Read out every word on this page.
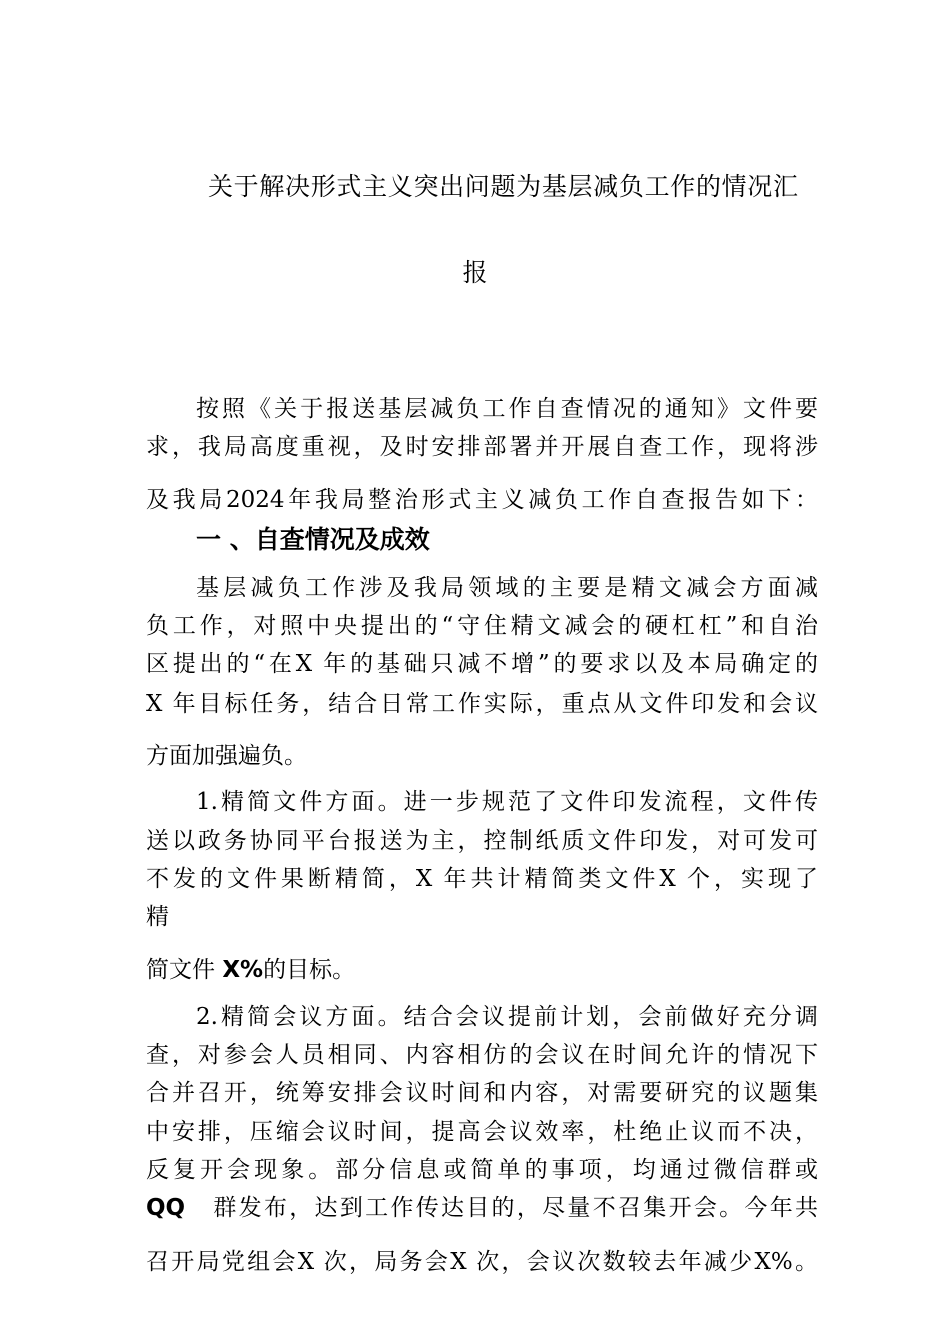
关于解决形式主义突出问题为基层减负工作的情况汇
报
按照《关于报送基层减负工作自查情况的通知》文件要
求，我局高度重视，及时安排部署并开展自查工作，现将涉
及我局2024年我局整治形式主义减负工作自查报告如下：
一 、自查情况及成效
基层减负工作涉及我局领域的主要是精文减会方面减
负工作，对照中央提出的“守住精文减会的硬杠杠”和自治
区提出的“在X 年的基础只减不增”的要求以及本局确定的
X 年目标任务，结合日常工作实际，重点从文件印发和会议
方面加强遍负。
1.精简文件方面。进一步规范了文件印发流程，文件传
送以政务协同平台报送为主，控制纸质文件印发，对可发可
不发的文件果断精简，X 年共计精简类文件X 个，实现了
精
简文件 X%的目标。
2.精简会议方面。结合会议提前计划，会前做好充分调
查，对参会人员相同、内容相仿的会议在时间允许的情况下
合并召开，统筹安排会议时间和内容，对需要研究的议题集
中安排，压缩会议时间，提高会议效率，杜绝止议而不决，
反复开会现象。部分信息或简单的事项，均通过微信群或
QQ 群发布，达到工作传达目的，尽量不召集开会。今年共
召开局党组会X 次，局务会X 次，会议次数较去年减少X%。
